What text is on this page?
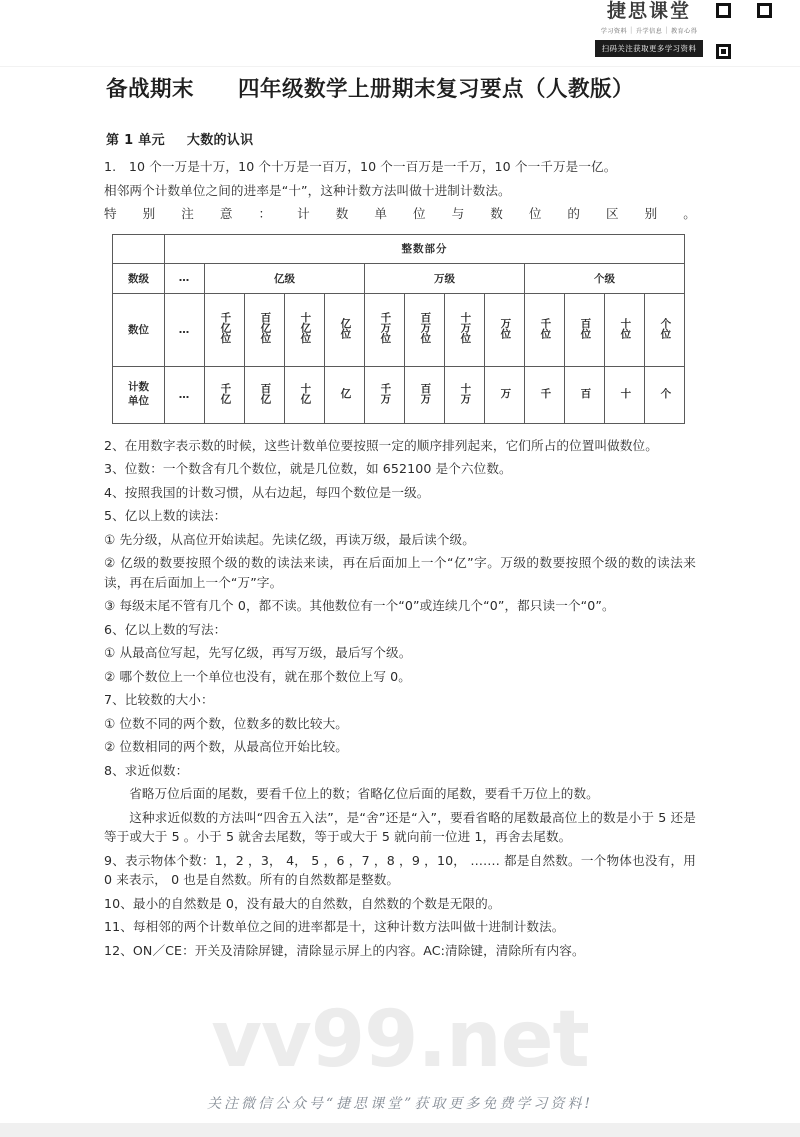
捷思课堂
学习资料 | 升学信息 | 教育心得
扫码关注获取更多学习资料
备战期末　　四年级数学上册期末复习要点（人教版）
第 1 单元 大数的认识

1.　10 个一万是十万，10 个十万是一百万，10 个一百万是一千万，10 个一千万是一亿。

相邻两个计数单位之间的进率是“十”，这种计数方法叫做十进制计数法。

特别注意：计数单位与数位的区别。

	整数部分												
数级	…	亿级				万级				个级			
数位	…	千亿位	百亿位	十亿位	亿位	千万位	百万位	十万位	万位	千位	百位	十位	个位

计数
单位	…	千亿	百亿	十亿	亿	千万	百万	十万	万	千	百	十	个

2、在用数字表示数的时候，这些计数单位要按照一定的顺序排列起来，它们所占的位置叫做数位。

3、位数：一个数含有几个数位，就是几位数，如 652100 是个六位数。

4、按照我国的计数习惯，从右边起，每四个数位是一级。

5、亿以上数的读法：

① 先分级，从高位开始读起。先读亿级，再读万级，最后读个级。

② 亿级的数要按照个级的数的读法来读，再在后面加上一个“亿”字。万级的数要按照个级的数的读法来读，再在后面加上一个“万”字。

③ 每级末尾不管有几个 0，都不读。其他数位有一个“0”或连续几个“0”，都只读一个“0”。

6、亿以上数的写法：

① 从最高位写起，先写亿级，再写万级，最后写个级。

② 哪个数位上一个单位也没有，就在那个数位上写 0。

7、比较数的大小：

① 位数不同的两个数，位数多的数比较大。

② 位数相同的两个数，从最高位开始比较。

8、求近似数：

省略万位后面的尾数，要看千位上的数；省略亿位后面的尾数，要看千万位上的数。

这种求近似数的方法叫“四舍五入法”，是“舍”还是“入”，要看省略的尾数最高位上的数是小于 5 还是等于或大于 5 。小于 5 就舍去尾数，等于或大于 5 就向前一位进 1，再舍去尾数。

9、表示物体个数：1，2 ，3， 4， 5 ，6 ，7 ，8 ，9 ，10， ……. 都是自然数。一个物体也没有，用 0 来表示， 0 也是自然数。所有的自然数都是整数。

10、最小的自然数是 0，没有最大的自然数，自然数的个数是无限的。

11、每相邻的两个计数单位之间的进率都是十，这种计数方法叫做十进制计数法。

12、ON／CE：开关及清除屏键，清除显示屏上的内容。AC:清除键，清除所有内容。

vv99.net
关注微信公众号“捷思课堂”获取更多免费学习资料!
